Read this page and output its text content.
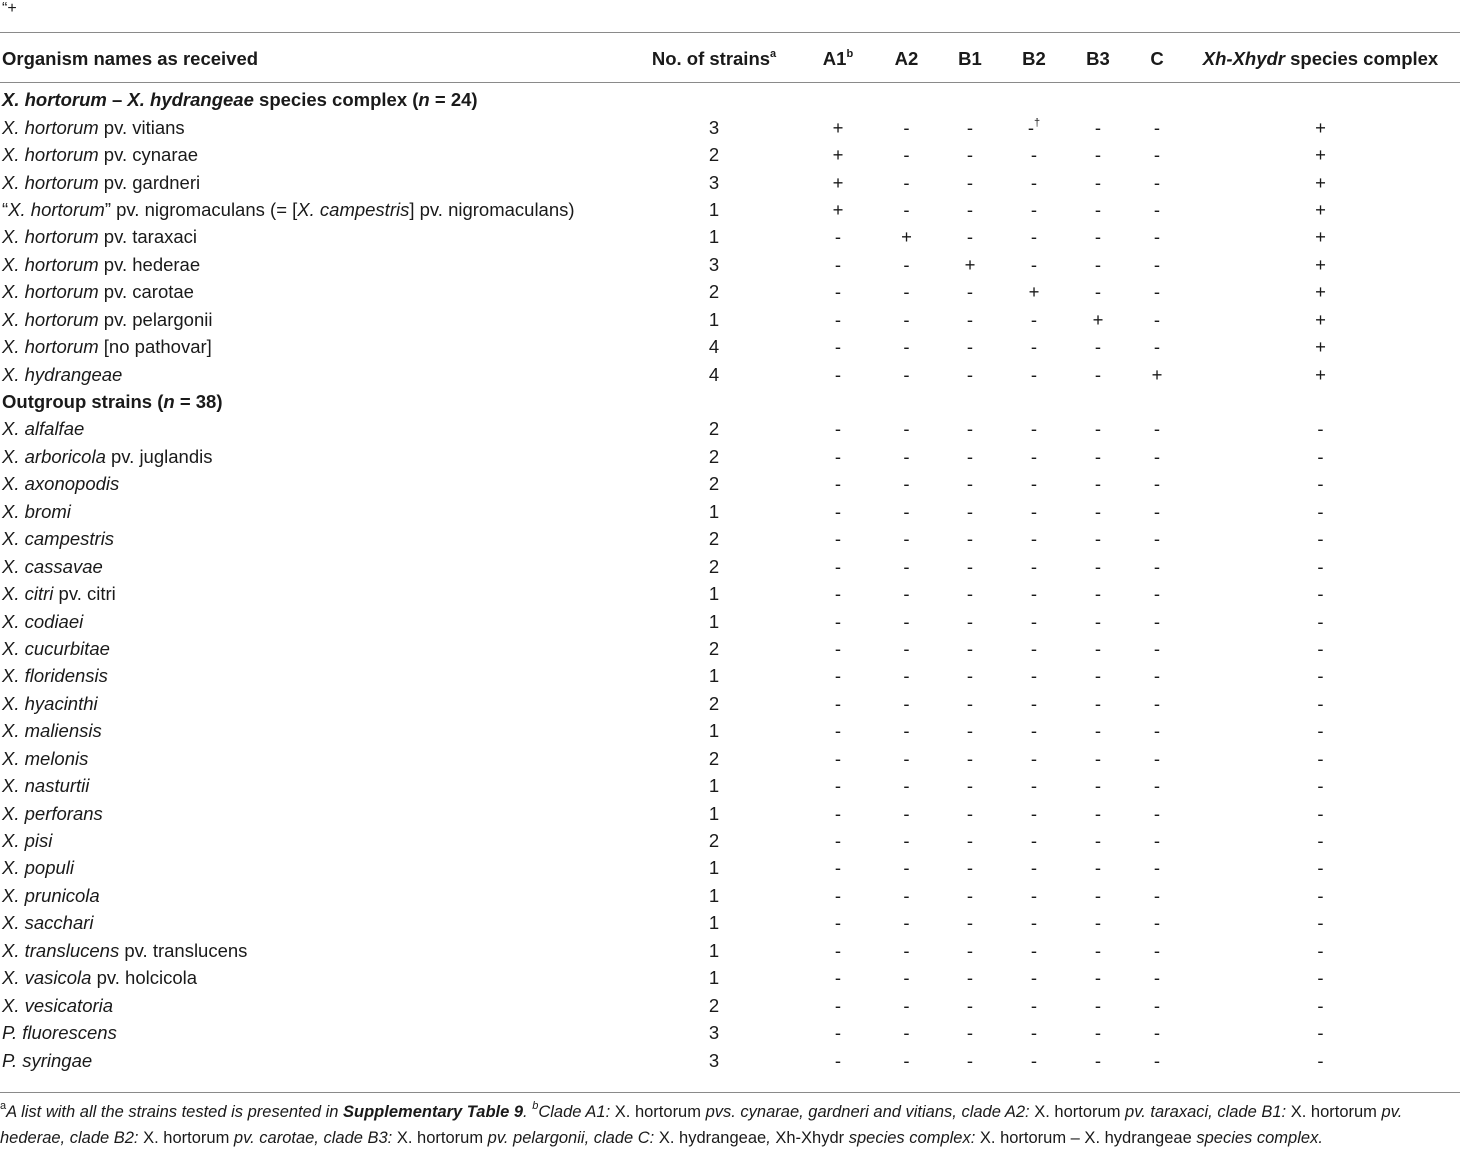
“+
Organism names as received	No. of strains$^a$	A1$^b$	A2	B1	B2	B3	C	Xh-Xhydr species complex
X. hortorum – X. hydrangeae species complex (n = 24)								
X. hortorum pv. vitians	3	+	-	-	-†	-	-	+
X. hortorum pv. cynarae	2	+	-	-	-	-	-	+
X. hortorum pv. gardneri	3	+	-	-	-	-	-	+
“X. hortorum” pv. nigromaculans (= [X. campestris] pv. nigromaculans)	1	+	-	-	-	-	-	+
X. hortorum pv. taraxaci	1	-	+	-	-	-	-	+
X. hortorum pv. hederae	3	-	-	+	-	-	-	+
X. hortorum pv. carotae	2	-	-	-	+	-	-	+
X. hortorum pv. pelargonii	1	-	-	-	-	+	-	+
X. hortorum [no pathovar]	4	-	-	-	-	-	-	+
X. hydrangeae	4	-	-	-	-	-	+	+
Outgroup strains (n = 38)								
X. alfalfae	2	-	-	-	-	-	-	-
X. arboricola pv. juglandis	2	-	-	-	-	-	-	-
X. axonopodis	2	-	-	-	-	-	-	-
X. bromi	1	-	-	-	-	-	-	-
X. campestris	2	-	-	-	-	-	-	-
X. cassavae	2	-	-	-	-	-	-	-
X. citri pv. citri	1	-	-	-	-	-	-	-
X. codiaei	1	-	-	-	-	-	-	-
X. cucurbitae	2	-	-	-	-	-	-	-
X. floridensis	1	-	-	-	-	-	-	-
X. hyacinthi	2	-	-	-	-	-	-	-
X. maliensis	1	-	-	-	-	-	-	-
X. melonis	2	-	-	-	-	-	-	-
X. nasturtii	1	-	-	-	-	-	-	-
X. perforans	1	-	-	-	-	-	-	-
X. pisi	2	-	-	-	-	-	-	-
X. populi	1	-	-	-	-	-	-	-
X. prunicola	1	-	-	-	-	-	-	-
X. sacchari	1	-	-	-	-	-	-	-
X. translucens pv. translucens	1	-	-	-	-	-	-	-
X. vasicola pv. holcicola	1	-	-	-	-	-	-	-
X. vesicatoria	2	-	-	-	-	-	-	-
P. fluorescens	3	-	-	-	-	-	-	-
P. syringae	3	-	-	-	-	-	-	-
$^a$A list with all the strains tested is presented in Supplementary Table 9. $^b$Clade A1: X. hortorum pvs. cynarae, gardneri and vitians, clade A2: X. hortorum pv. taraxaci, clade B1: X. hortorum pv. hederae, clade B2: X. hortorum pv. carotae, clade B3: X. hortorum pv. pelargonii, clade C: X. hydrangeae, Xh-Xhydr species complex: X. hortorum – X. hydrangeae species complex.
